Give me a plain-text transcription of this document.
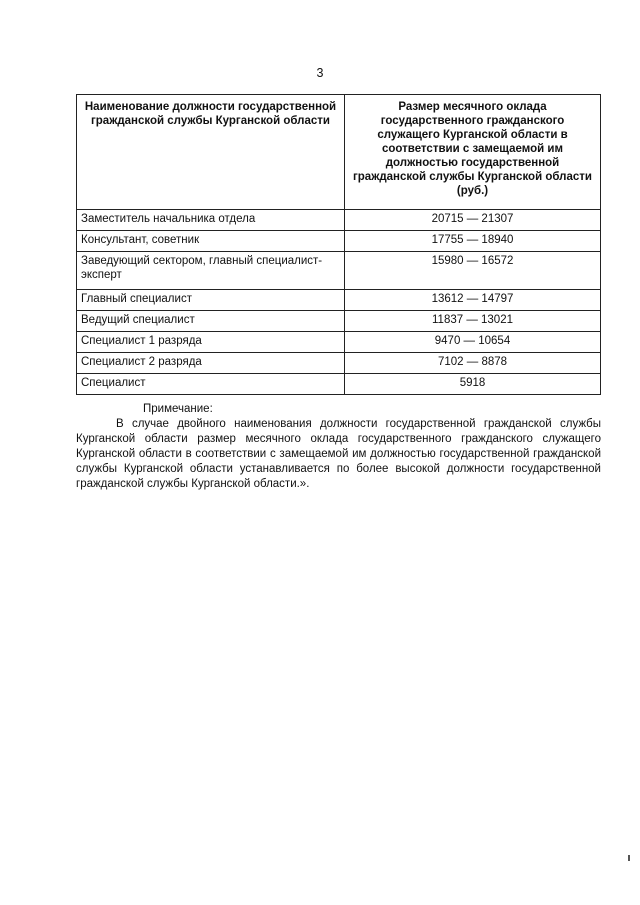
3
Наименование должности государственной гражданской службы Курганской области	Размер месячного оклада государственного гражданского служащего Курганской области в соответствии с замещаемой им должностью государственной гражданской службы Курганской области (руб.)
Заместитель начальника отдела	20715 — 21307
Консультант, советник	17755 — 18940
Заведующий сектором, главный специалист-эксперт	15980 — 16572
Главный специалист	13612 — 14797
Ведущий специалист	11837 — 13021
Специалист 1 разряда	9470 — 10654
Специалист 2 разряда	7102 — 8878
Специалист	5918
Примечание:
В случае двойного наименования должности государственной гражданской службы Курганской области размер месячного оклада государственного гражданского служащего Курганской области в соответствии с замещаемой им должностью государственной гражданской службы Курганской области устанавливается по более высокой должности государственной гражданской службы Курганской области.».
